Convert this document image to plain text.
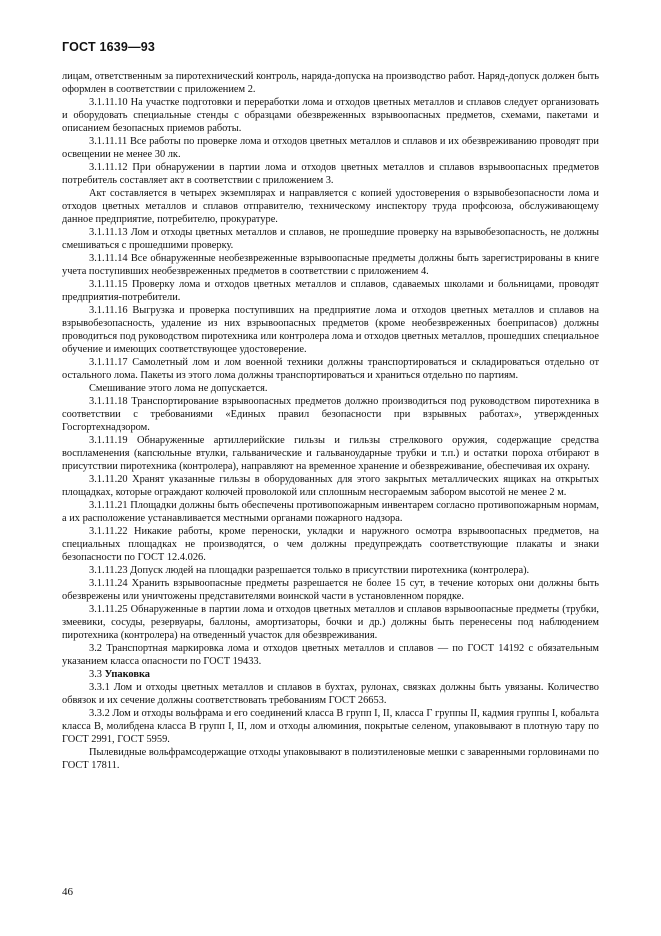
ГОСТ 1639—93

лицам, ответственным за пиротехнический контроль, наряда-допуска на производство работ. Наряд-допуск должен быть оформлен в соответствии с приложением 2.

3.1.11.10 На участке подготовки и переработки лома и отходов цветных металлов и сплавов следует организовать и оборудовать специальные стенды с образцами обезвреженных взрывоопасных предметов, схемами, пакетами и описанием безопасных приемов работы.

3.1.11.11 Все работы по проверке лома и отходов цветных металлов и сплавов и их обезвреживанию проводят при освещении не менее 30 лк.

3.1.11.12 При обнаружении в партии лома и отходов цветных металлов и сплавов взрывоопасных предметов потребитель составляет акт в соответствии с приложением 3.

Акт составляется в четырех экземплярах и направляется с копией удостоверения о взрывобезопасности лома и отходов цветных металлов и сплавов отправителю, техническому инспектору труда профсоюза, обслуживающему данное предприятие, потребителю, прокуратуре.

3.1.11.13 Лом и отходы цветных металлов и сплавов, не прошедшие проверку на взрывобезопасность, не должны смешиваться с прошедшими проверку.

3.1.11.14 Все обнаруженные необезвреженные взрывоопасные предметы должны быть зарегистрированы в книге учета поступивших необезвреженных предметов в соответствии с приложением 4.

3.1.11.15 Проверку лома и отходов цветных металлов и сплавов, сдаваемых школами и больницами, проводят предприятия-потребители.

3.1.11.16 Выгрузка и проверка поступивших на предприятие лома и отходов цветных металлов и сплавов на взрывобезопасность, удаление из них взрывоопасных предметов (кроме необезвреженных боеприпасов) должны проводиться под руководством пиротехника или контролера лома и отходов цветных металлов, прошедших специальное обучение и имеющих соответствующее удостоверение.

3.1.11.17 Самолетный лом и лом военной техники должны транспортироваться и складироваться отдельно от остального лома. Пакеты из этого лома должны транспортироваться и храниться отдельно по партиям.

Смешивание этого лома не допускается.

3.1.11.18 Транспортирование взрывоопасных предметов должно производиться под руководством пиротехника в соответствии с требованиями «Единых правил безопасности при взрывных работах», утвержденных Госгортехнадзором.

3.1.11.19 Обнаруженные артиллерийские гильзы и гильзы стрелкового оружия, содержащие средства воспламенения (капсюльные втулки, гальванические и гальваноударные трубки и т.п.) и остатки пороха отбирают в присутствии пиротехника (контролера), направляют на временное хранение и обезвреживание, обеспечивая их охрану.

3.1.11.20 Хранят указанные гильзы в оборудованных для этого закрытых металлических ящиках на открытых площадках, которые ограждают колючей проволокой или сплошным несгораемым забором высотой не менее 2 м.

3.1.11.21 Площадки должны быть обеспечены противопожарным инвентарем согласно противопожарным нормам, а их расположение устанавливается местными органами пожарного надзора.

3.1.11.22 Никакие работы, кроме переноски, укладки и наружного осмотра взрывоопасных предметов, на специальных площадках не производятся, о чем должны предупреждать соответствующие плакаты и знаки безопасности по ГОСТ 12.4.026.

3.1.11.23 Допуск людей на площадки разрешается только в присутствии пиротехника (контролера).

3.1.11.24 Хранить взрывоопасные предметы разрешается не более 15 сут, в течение которых они должны быть обезврежены или уничтожены представителями воинской части в установленном порядке.

3.1.11.25 Обнаруженные в партии лома и отходов цветных металлов и сплавов взрывоопасные предметы (трубки, змеевики, сосуды, резервуары, баллоны, амортизаторы, бочки и др.) должны быть перенесены под наблюдением пиротехника (контролера) на отведенный участок для обезвреживания.

3.2 Транспортная маркировка лома и отходов цветных металлов и сплавов — по ГОСТ 14192 с обязательным указанием класса опасности по ГОСТ 19433.

3.3 Упаковка

3.3.1 Лом и отходы цветных металлов и сплавов в бухтах, рулонах, связках должны быть увязаны. Количество обвязок и их сечение должны соответствовать требованиям ГОСТ 26653.

3.3.2 Лом и отходы вольфрама и его соединений класса В групп I, II, класса Г группы II, кадмия группы I, кобальта класса В, молибдена класса В групп I, II, лом и отходы алюминия, покрытые селеном, упаковывают в плотную тару по ГОСТ 2991, ГОСТ 5959.

Пылевидные вольфрамсодержащие отходы упаковывают в полиэтиленовые мешки с заваренными горловинами по ГОСТ 17811.

46
